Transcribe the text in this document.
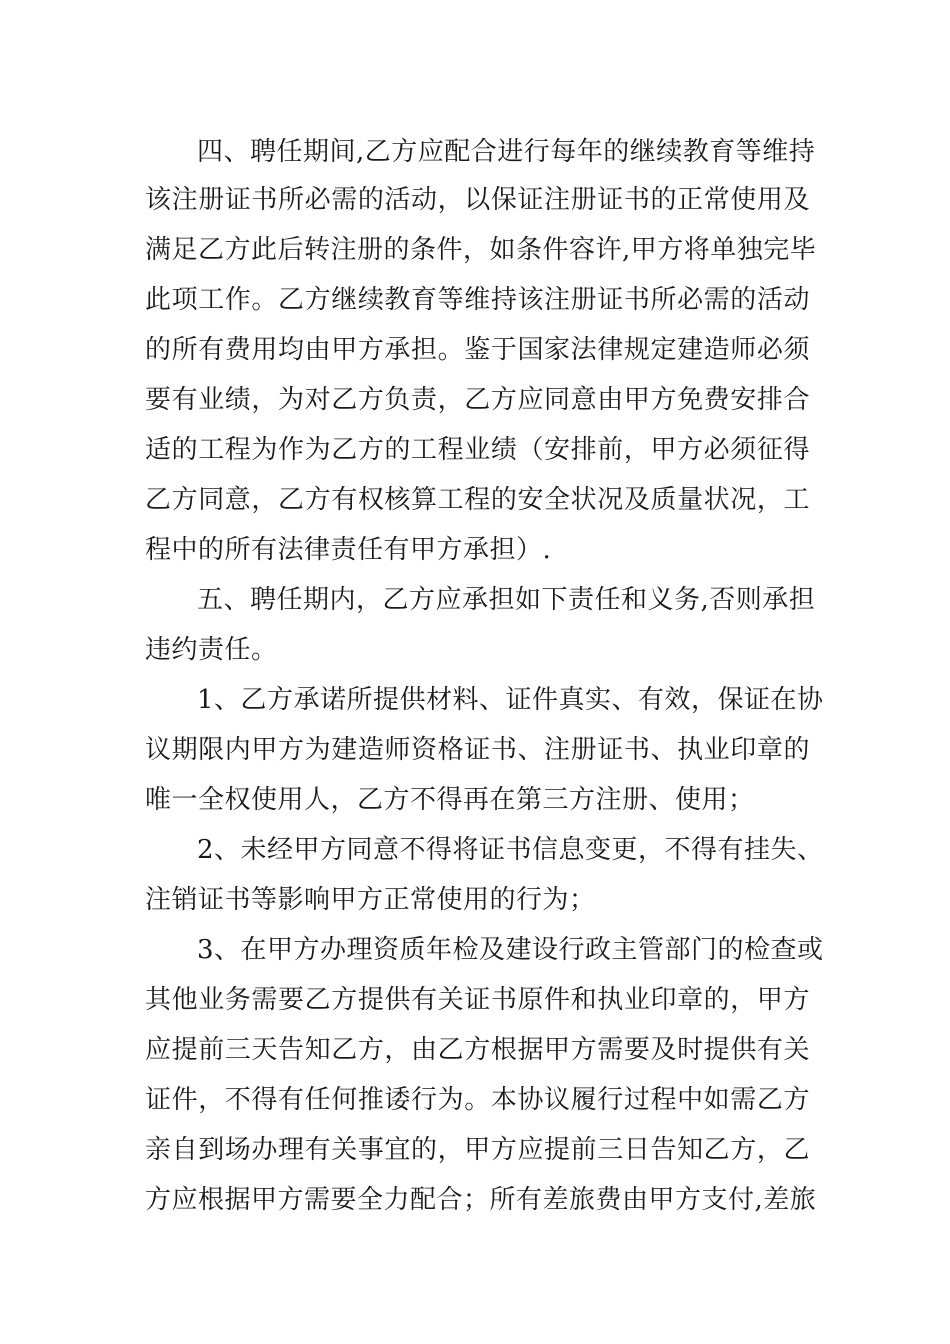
四、聘任期间,乙方应配合进行每年的继续教育等维持
该注册证书所必需的活动，以保证注册证书的正常使用及
满足乙方此后转注册的条件，如条件容许,甲方将单独完毕
此项工作。乙方继续教育等维持该注册证书所必需的活动
的所有费用均由甲方承担。鉴于国家法律规定建造师必须
要有业绩，为对乙方负责，乙方应同意由甲方免费安排合
适的工程为作为乙方的工程业绩（安排前，甲方必须征得
乙方同意，乙方有权核算工程的安全状况及质量状况，工
程中的所有法律责任有甲方承担）.
五、聘任期内，乙方应承担如下责任和义务,否则承担
违约责任。
1、乙方承诺所提供材料、证件真实、有效，保证在协
议期限内甲方为建造师资格证书、注册证书、执业印章的
唯一全权使用人，乙方不得再在第三方注册、使用；
2、未经甲方同意不得将证书信息变更，不得有挂失、
注销证书等影响甲方正常使用的行为；
3、在甲方办理资质年检及建设行政主管部门的检查或
其他业务需要乙方提供有关证书原件和执业印章的，甲方
应提前三天告知乙方，由乙方根据甲方需要及时提供有关
证件，不得有任何推诿行为。本协议履行过程中如需乙方
亲自到场办理有关事宜的，甲方应提前三日告知乙方，乙
方应根据甲方需要全力配合；所有差旅费由甲方支付,差旅
